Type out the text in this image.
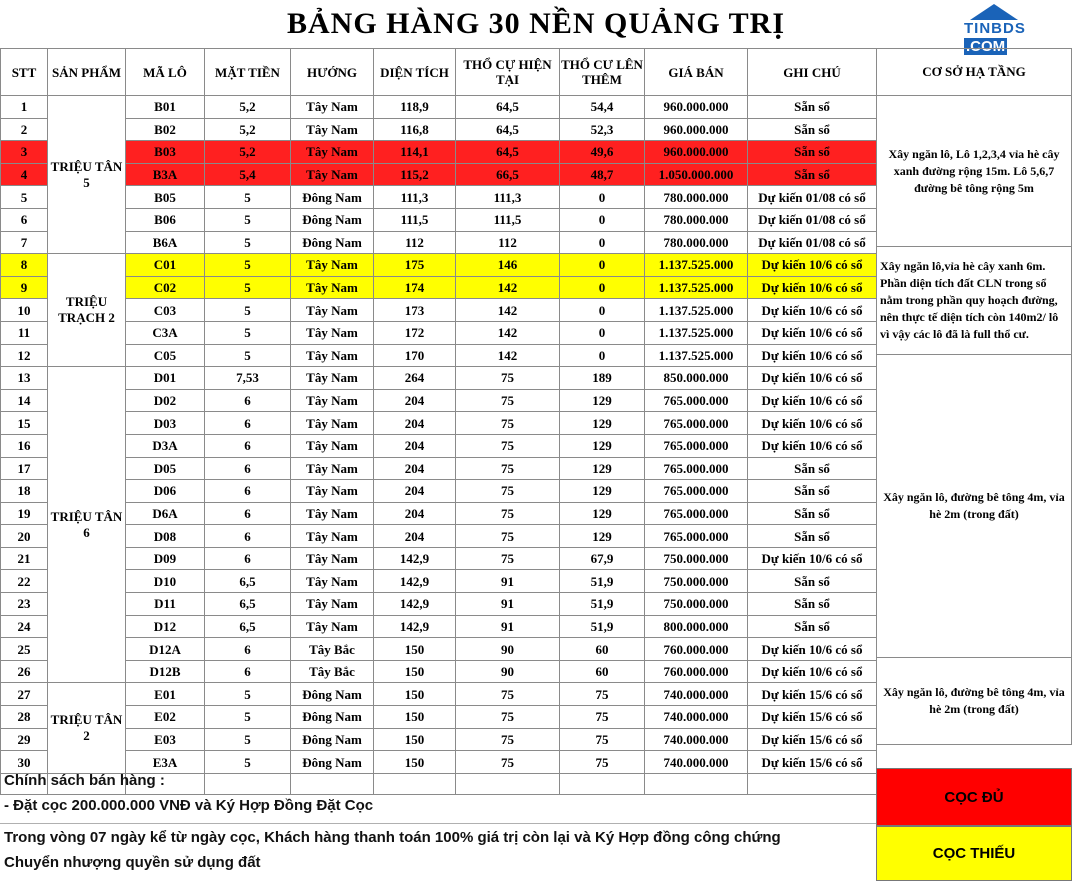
BẢNG HÀNG 30 NỀN QUẢNG TRỊ	TINBDS
.COM
STT	SẢN PHẨM	MÃ LÔ	MẶT TIỀN	HƯỚNG	DIỆN TÍCH	THỔ CỰ HIỆN TẠI	THỔ CƯ LÊN THÊM	GIÁ BÁN	GHI CHÚ
1	TRIỆU TÂN 5	B01	5,2	Tây Nam	118,9	64,5	54,4	960.000.000	Sẵn sổ
2		B02	5,2	Tây Nam	116,8	64,5	52,3	960.000.000	Sẵn sổ
3		B03	5,2	Tây Nam	114,1	64,5	49,6	960.000.000	Sẵn sổ
4		B3A	5,4	Tây Nam	115,2	66,5	48,7	1.050.000.000	Sẵn sổ
5		B05	5	Đông Nam	111,3	111,3	0	780.000.000	Dự kiến 01/08 có sổ
6		B06	5	Đông Nam	111,5	111,5	0	780.000.000	Dự kiến 01/08 có sổ
7		B6A	5	Đông Nam	112	112	0	780.000.000	Dự kiến 01/08 có sổ
8	TRIỆU TRẠCH 2	C01	5	Tây Nam	175	146	0	1.137.525.000	Dự kiến 10/6 có sổ
9		C02	5	Tây Nam	174	142	0	1.137.525.000	Dự kiến 10/6 có sổ
10		C03	5	Tây Nam	173	142	0	1.137.525.000	Dự kiến 10/6 có sổ
11		C3A	5	Tây Nam	172	142	0	1.137.525.000	Dự kiến 10/6 có sổ
12		C05	5	Tây Nam	170	142	0	1.137.525.000	Dự kiến 10/6 có sổ
13	TRIỆU TÂN 6	D01	7,53	Tây Nam	264	75	189	850.000.000	Dự kiến 10/6 có sổ
14		D02	6	Tây Nam	204	75	129	765.000.000	Dự kiến 10/6 có sổ
15		D03	6	Tây Nam	204	75	129	765.000.000	Dự kiến 10/6 có sổ
16		D3A	6	Tây Nam	204	75	129	765.000.000	Dự kiến 10/6 có sổ
17		D05	6	Tây Nam	204	75	129	765.000.000	Sẵn sổ
18		D06	6	Tây Nam	204	75	129	765.000.000	Sẵn sổ
19		D6A	6	Tây Nam	204	75	129	765.000.000	Sẵn sổ
20		D08	6	Tây Nam	204	75	129	765.000.000	Sẵn sổ
21		D09	6	Tây Nam	142,9	75	67,9	750.000.000	Dự kiến 10/6 có sổ
22		D10	6,5	Tây Nam	142,9	91	51,9	750.000.000	Sẵn sổ
23		D11	6,5	Tây Nam	142,9	91	51,9	750.000.000	Sẵn sổ
24		D12	6,5	Tây Nam	142,9	91	51,9	800.000.000	Sẵn sổ
25		D12A	6	Tây Bắc	150	90	60	760.000.000	Dự kiến 10/6 có sổ
26		D12B	6	Tây Bắc	150	90	60	760.000.000	Dự kiến 10/6 có sổ
27	TRIỆU TÂN 2	E01	5	Đông Nam	150	75	75	740.000.000	Dự kiến 15/6 có sổ
28		E02	5	Đông Nam	150	75	75	740.000.000	Dự kiến 15/6 có sổ
29		E03	5	Đông Nam	150	75	75	740.000.000	Dự kiến 15/6 có sổ
30		E3A	5	Đông Nam	150	75	75	740.000.000	Dự kiến 15/6 có sổ

CƠ SỞ HẠ TẦNG
Xây ngăn lô, Lô 1,2,3,4 vỉa hè cây xanh đường rộng 15m. Lô 5,6,7 đường bê tông rộng 5m
Xây ngăn lô,vỉa hè cây xanh 6m. Phần diện tích đất CLN trong sổ nằm trong phần quy hoạch đường, nên thực tế diện tích còn 140m2/ lô vì vậy các lô đã là full thổ cư.
Xây ngăn lô, đường bê tông 4m, vỉa hè 2m (trong đất)
Xây ngăn lô, đường bê tông 4m, vỉa hè 2m (trong đất)
Chính sách bán hàng :
- Đặt cọc 200.000.000 VNĐ và Ký Hợp Đồng Đặt Cọc
Trong vòng 07 ngày kể từ ngày cọc, Khách hàng thanh toán 100% giá trị còn lại và Ký Hợp đồng công chứng
Chuyển nhượng quyền sử dụng đất
CỌC ĐỦ
CỌC THIẾU
